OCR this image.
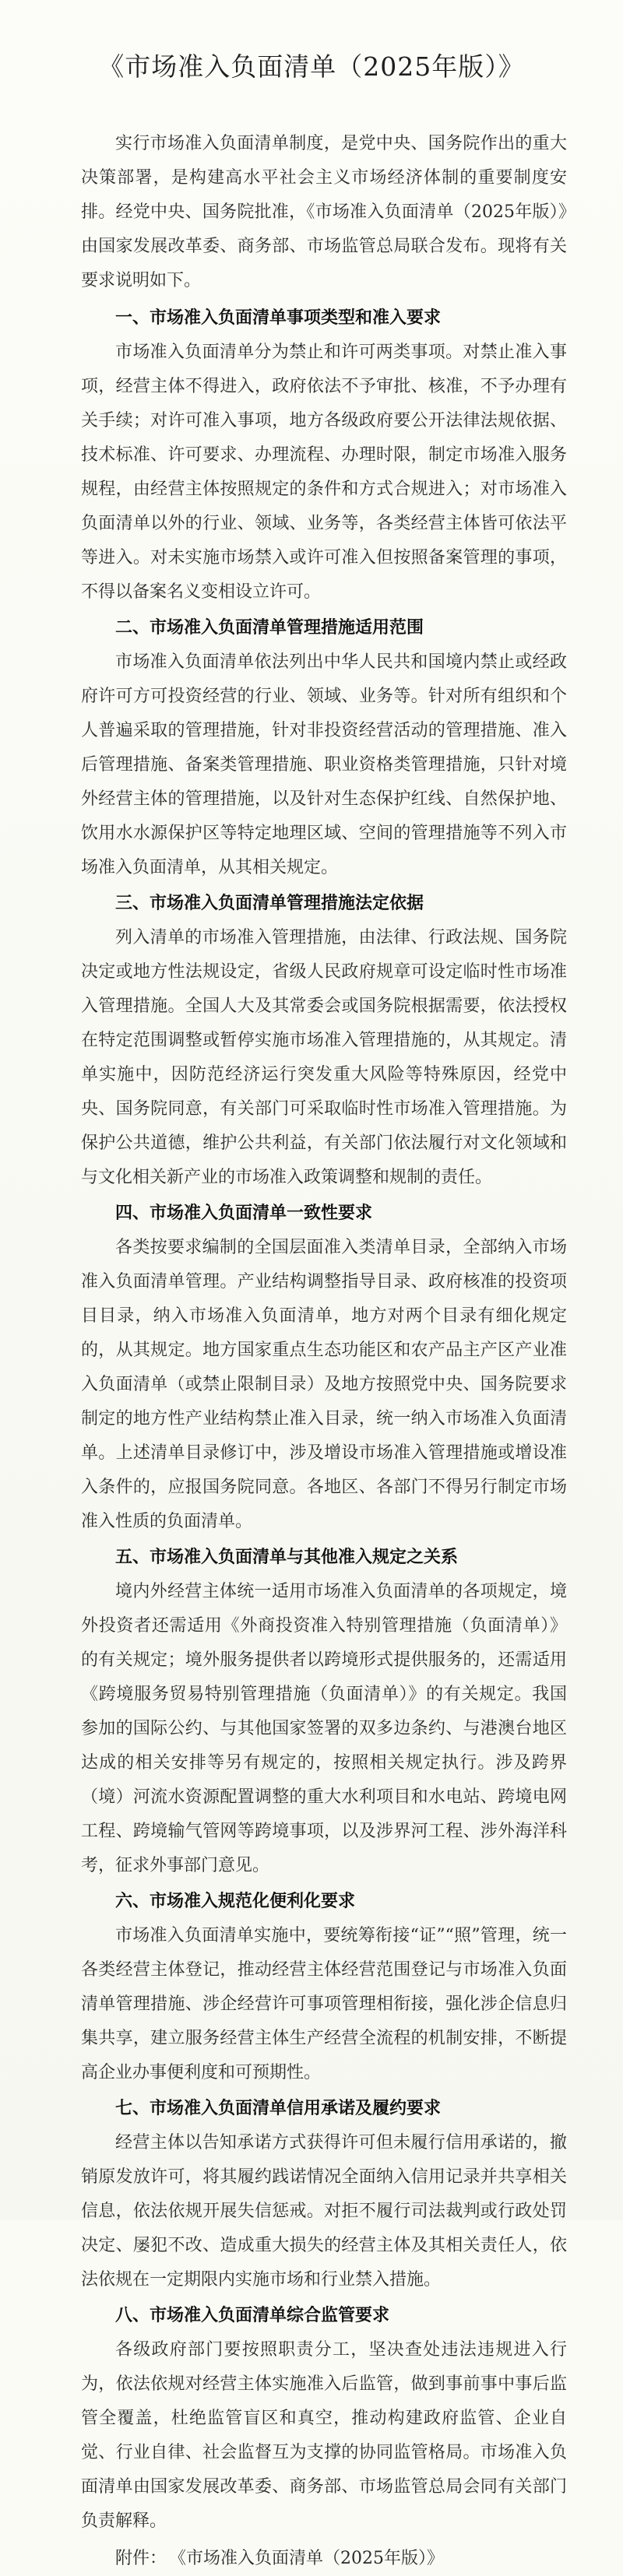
《市场准入负面清单（2025年版）》

实行市场准入负面清单制度，是党中央、国务院作出的重大决策部署，是构建高水平社会主义市场经济体制的重要制度安排。经党中央、国务院批准，《市场准入负面清单（2025年版）》由国家发展改革委、商务部、市场监管总局联合发布。现将有关要求说明如下。

一、市场准入负面清单事项类型和准入要求

市场准入负面清单分为禁止和许可两类事项。对禁止准入事项，经营主体不得进入，政府依法不予审批、核准，不予办理有关手续；对许可准入事项，地方各级政府要公开法律法规依据、技术标准、许可要求、办理流程、办理时限，制定市场准入服务规程，由经营主体按照规定的条件和方式合规进入；对市场准入负面清单以外的行业、领域、业务等，各类经营主体皆可依法平等进入。对未实施市场禁入或许可准入但按照备案管理的事项，不得以备案名义变相设立许可。

二、市场准入负面清单管理措施适用范围

市场准入负面清单依法列出中华人民共和国境内禁止或经政府许可方可投资经营的行业、领域、业务等。针对所有组织和个人普遍采取的管理措施，针对非投资经营活动的管理措施、准入后管理措施、备案类管理措施、职业资格类管理措施，只针对境外经营主体的管理措施，以及针对生态保护红线、自然保护地、饮用水水源保护区等特定地理区域、空间的管理措施等不列入市场准入负面清单，从其相关规定。

三、市场准入负面清单管理措施法定依据

列入清单的市场准入管理措施，由法律、行政法规、国务院决定或地方性法规设定，省级人民政府规章可设定临时性市场准入管理措施。全国人大及其常委会或国务院根据需要，依法授权在特定范围调整或暂停实施市场准入管理措施的，从其规定。清单实施中，因防范经济运行突发重大风险等特殊原因，经党中央、国务院同意，有关部门可采取临时性市场准入管理措施。为保护公共道德，维护公共利益，有关部门依法履行对文化领域和与文化相关新产业的市场准入政策调整和规制的责任。

四、市场准入负面清单一致性要求

各类按要求编制的全国层面准入类清单目录，全部纳入市场准入负面清单管理。产业结构调整指导目录、政府核准的投资项目目录，纳入市场准入负面清单，地方对两个目录有细化规定的，从其规定。地方国家重点生态功能区和农产品主产区产业准入负面清单（或禁止限制目录）及地方按照党中央、国务院要求制定的地方性产业结构禁止准入目录，统一纳入市场准入负面清单。上述清单目录修订中，涉及增设市场准入管理措施或增设准入条件的，应报国务院同意。各地区、各部门不得另行制定市场准入性质的负面清单。

五、市场准入负面清单与其他准入规定之关系

境内外经营主体统一适用市场准入负面清单的各项规定，境外投资者还需适用《外商投资准入特别管理措施（负面清单）》的有关规定；境外服务提供者以跨境形式提供服务的，还需适用《跨境服务贸易特别管理措施（负面清单）》的有关规定。我国参加的国际公约、与其他国家签署的双多边条约、与港澳台地区达成的相关安排等另有规定的，按照相关规定执行。涉及跨界（境）河流水资源配置调整的重大水利项目和水电站、跨境电网工程、跨境输气管网等跨境事项，以及涉界河工程、涉外海洋科考，征求外事部门意见。

六、市场准入规范化便利化要求

市场准入负面清单实施中，要统筹衔接“证”“照”管理，统一各类经营主体登记，推动经营主体经营范围登记与市场准入负面清单管理措施、涉企经营许可事项管理相衔接，强化涉企信息归集共享，建立服务经营主体生产经营全流程的机制安排，不断提高企业办事便利度和可预期性。

七、市场准入负面清单信用承诺及履约要求

经营主体以告知承诺方式获得许可但未履行信用承诺的，撤销原发放许可，将其履约践诺情况全面纳入信用记录并共享相关信息，依法依规开展失信惩戒。对拒不履行司法裁判或行政处罚决定、屡犯不改、造成重大损失的经营主体及其相关责任人，依法依规在一定期限内实施市场和行业禁入措施。

八、市场准入负面清单综合监管要求

各级政府部门要按照职责分工，坚决查处违法违规进入行为，依法依规对经营主体实施准入后监管，做到事前事中事后监管全覆盖，杜绝监管盲区和真空，推动构建政府监管、企业自觉、行业自律、社会监督互为支撑的协同监管格局。市场准入负面清单由国家发展改革委、商务部、市场监管总局会同有关部门负责解释。

附件： 《市场准入负面清单（2025年版）》
